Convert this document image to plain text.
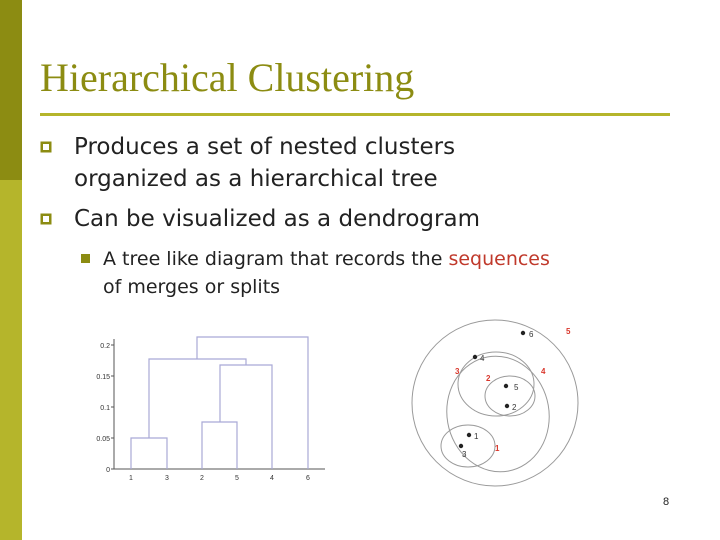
Hierarchical Clustering
Produces a set of nested clusters
organized as a hierarchical tree
Can be visualized as a dendrogram
A tree like diagram that records the sequences
of merges or splits
0.2
0.15
0.1
0.05
0
1	3	2	5	4	6
6
4
5
2
1
3
5
3
2
4
1
8
